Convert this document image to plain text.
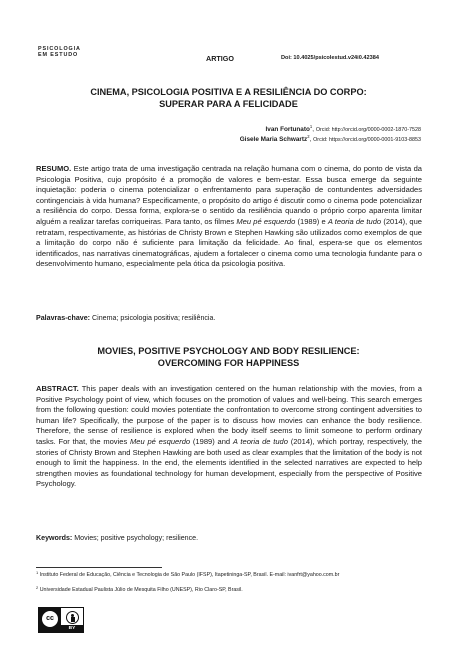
PSICOLOGIA
EM ESTUDO	ARTIGO	Doi: 10.4025/psicolestud.v24i0.42384
CINEMA, PSICOLOGIA POSITIVA E A RESILIÊNCIA DO CORPO:
SUPERAR PARA A FELICIDADE
Ivan Fortunato$^1$, Orcid: http://orcid.org/0000-0002-1870-7528
Gisele Maria Schwartz$^2$, Orcid: https://orcid.org/0000-0001-9103-8853

RESUMO. Este artigo trata de uma investigação centrada na relação humana com o cinema, do ponto de vista da Psicologia Positiva, cujo propósito é a promoção de valores e bem-estar. Essa busca emerge da seguinte inquietação: poderia o cinema potencializar o enfrentamento para superação de contundentes adversidades contingenciais à vida humana? Especificamente, o propósito do artigo é discutir como o cinema pode potencializar a resiliência do corpo. Dessa forma, explora-se o sentido da resiliência quando o próprio corpo aparenta limitar alguém a realizar tarefas corriqueiras. Para tanto, os filmes Meu pé esquerdo (1989) e A teoria de tudo (2014), que retratam, respectivamente, as histórias de Christy Brown e Stephen Hawking são utilizados como exemplos de que a limitação do corpo não é suficiente para limitação da felicidade. Ao final, espera-se que os elementos identificados, nas narrativas cinematográficas, ajudem a fortalecer o cinema como uma tecnologia fundante para o desenvolvimento humano, especialmente pela ótica da psicologia positiva.

Palavras-chave: Cinema; psicologia positiva; resiliência.
MOVIES, POSITIVE PSYCHOLOGY AND BODY RESILIENCE:
OVERCOMING FOR HAPPINESS

ABSTRACT. This paper deals with an investigation centered on the human relationship with the movies, from a Positive Psychology point of view, which focuses on the promotion of values and well-being. This search emerges from the following question: could movies potentiate the confrontation to overcome strong contingent adversities to human life? Specifically, the purpose of the paper is to discuss how movies can enhance the body resilience. Therefore, the sense of resilience is explored when the body itself seems to limit someone to perform ordinary tasks. For that, the movies Meu pé esquerdo (1989) and A teoria de tudo (2014), which portray, respectively, the stories of Christy Brown and Stephen Hawking are both used as clear examples that the limitation of the body is not enough to limit the happiness. In the end, the elements identified in the selected narratives are expected to help strengthen movies as foundational technology for human development, especially from the perspective of Positive Psychology.

Keywords: Movies; positive psychology; resilience.
$^1$ Instituto Federal de Educação, Ciência e Tecnologia de São Paulo (IFSP), Itapetininga-SP, Brasil. E-mail: ivanfrt@yahoo.com.br
$^2$ Universidade Estadual Paulista Júlio de Mesquita Filho (UNESP), Rio Claro-SP, Brasil.
cc
BY
